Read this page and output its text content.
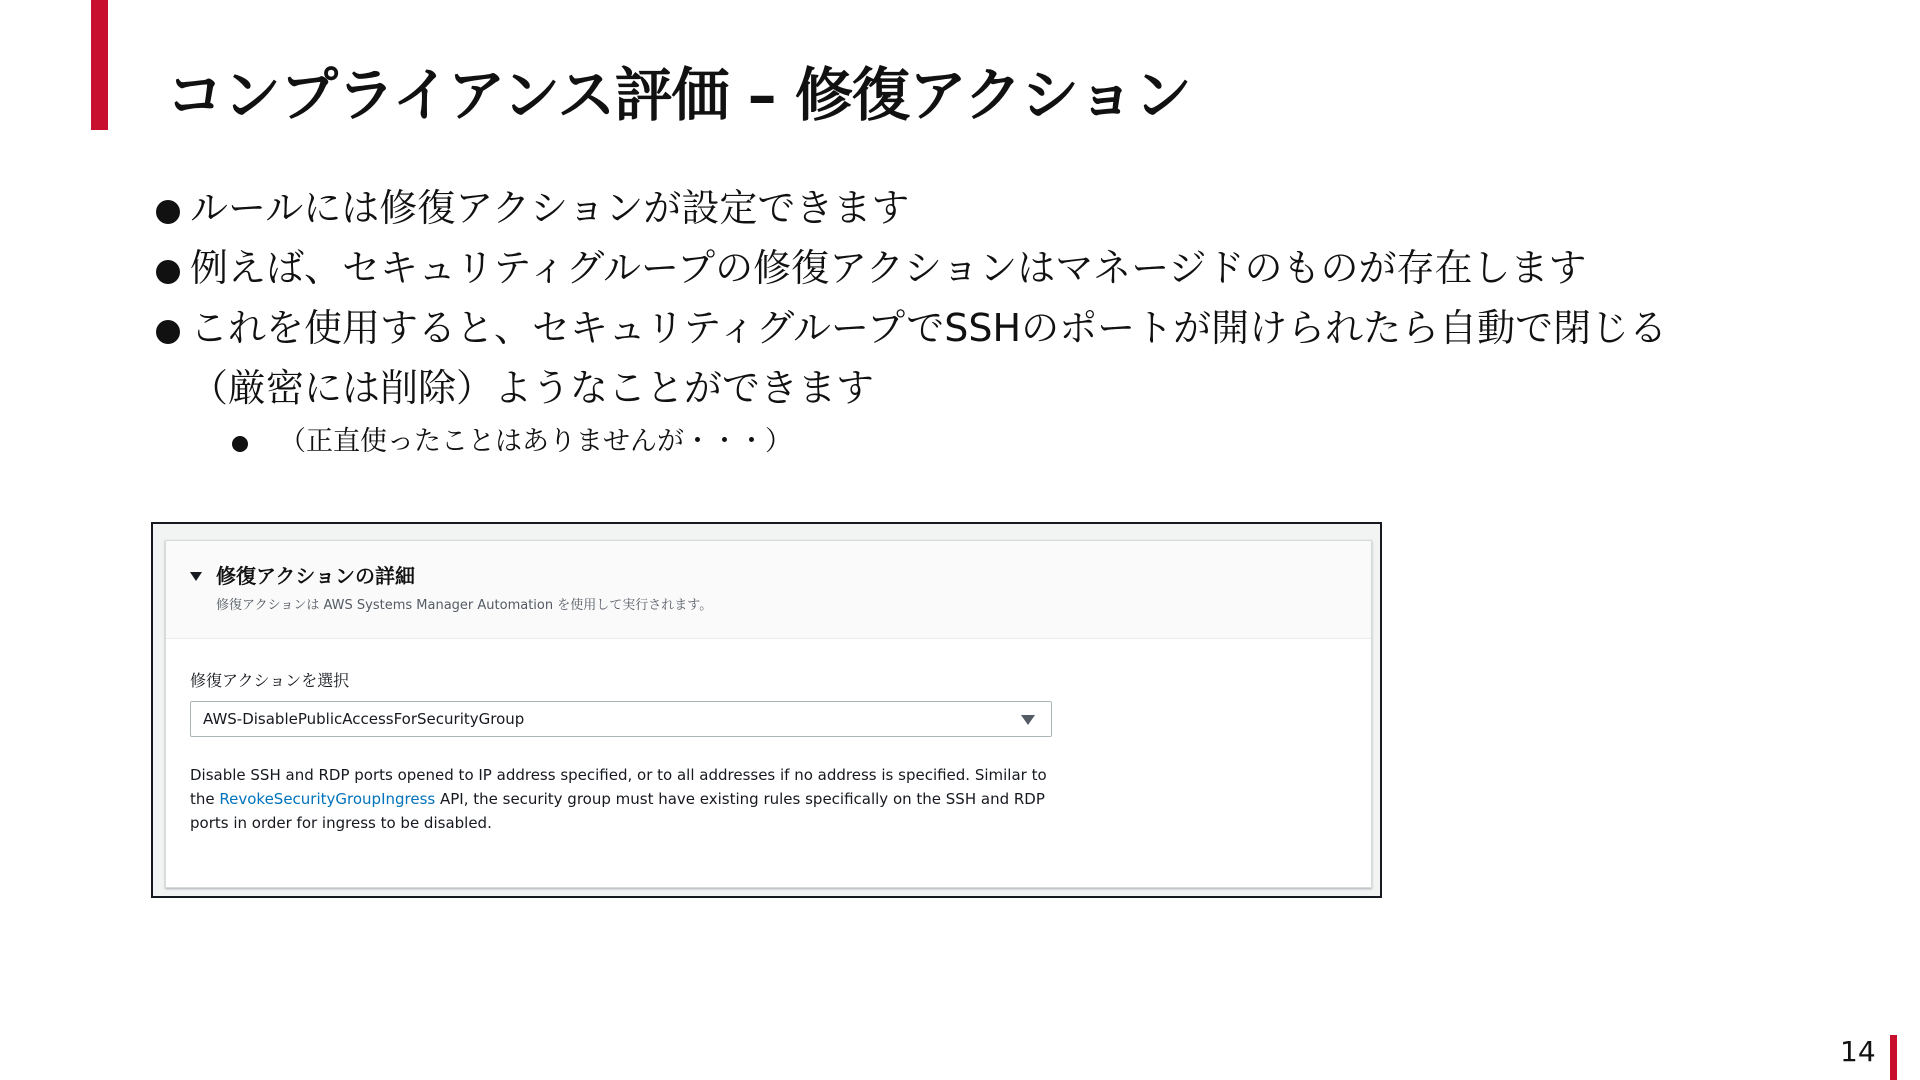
コンプライアンス評価 – 修復アクション
ルールには修復アクションが設定できます
例えば、セキュリティグループの修復アクションはマネージドのものが存在します
これを使用すると、セキュリティグループでSSHのポートが開けられたら自動で閉じる（厳密には削除）ようなことができます
（正直使ったことはありませんが・・・）
修復アクションの詳細
修復アクションは AWS Systems Manager Automation を使用して実行されます。
修復アクションを選択
AWS-DisablePublicAccessForSecurityGroup

Disable SSH and RDP ports opened to IP address specified, or to all addresses if no address is specified. Similar to the RevokeSecurityGroupIngress API, the security group must have existing rules specifically on the SSH and RDP ports in order for ingress to be disabled.

14
